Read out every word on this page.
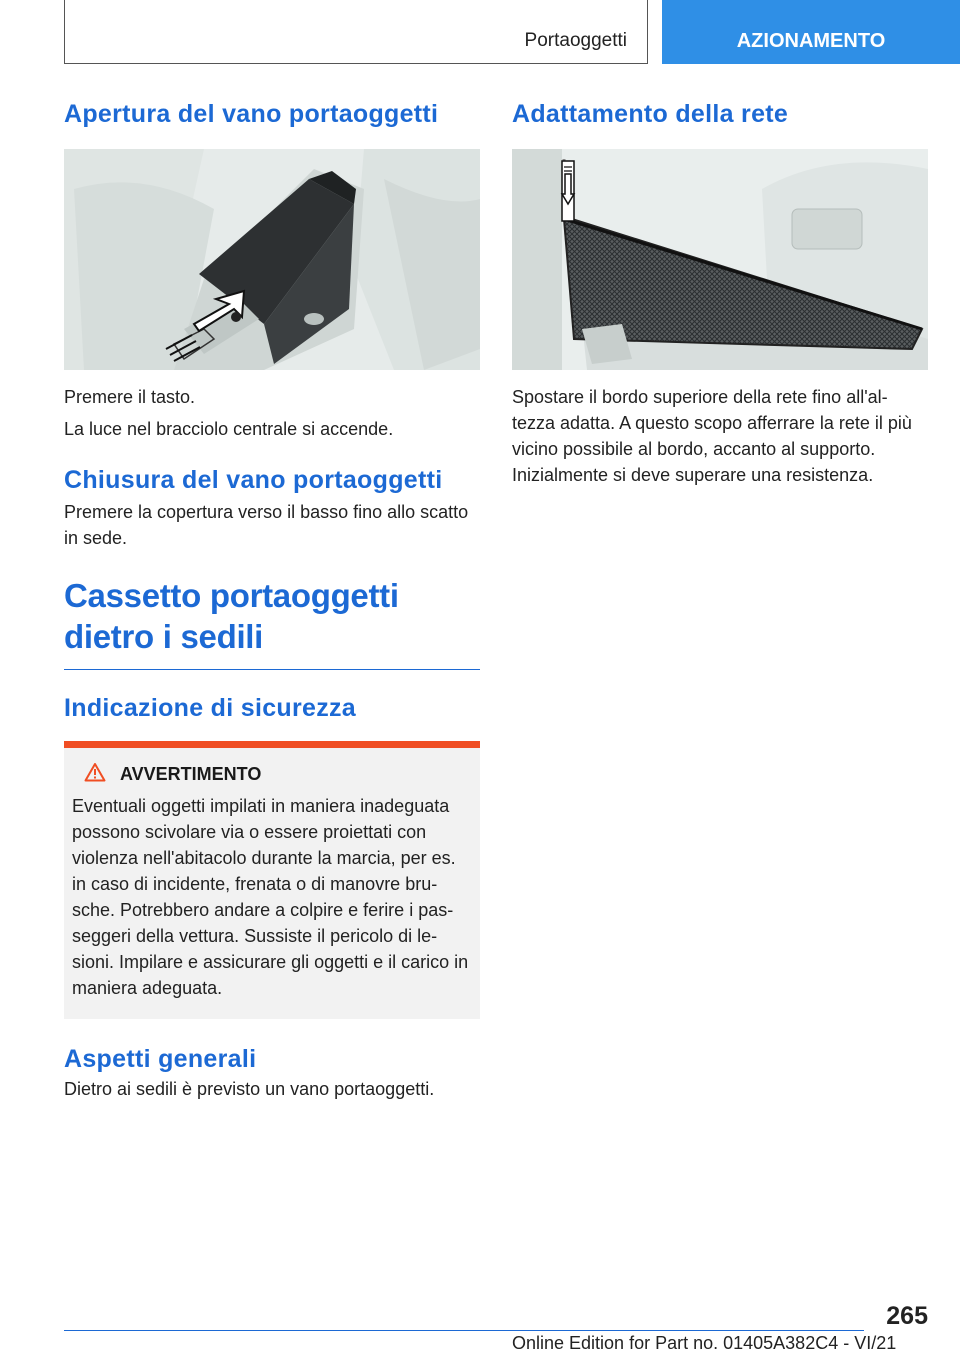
Portaoggetti	AZIONAMENTO
Apertura del vano portaoggetti

Premere il tasto.

La luce nel bracciolo centrale si accende.

Chiusura del vano portaoggetti

Premere la copertura verso il basso fino allo scatto in sede.

Cassetto portaoggetti dietro i sedili
Indicazione di sicurezza
AVVERTIMENTO

Eventuali oggetti impilati in maniera inadeguata possono scivolare via o essere proiettati con violenza nell'abitacolo durante la marcia, per es. in caso di incidente, frenata o di manovre bru-sche. Potrebbero andare a colpire e ferire i pas-seggeri della vettura. Sussiste il pericolo di le-sioni. Impilare e assicurare gli oggetti e il carico in maniera adeguata.

Aspetti generali

Dietro ai sedili è previsto un vano portaoggetti.

Adattamento della rete

Spostare il bordo superiore della rete fino all'al-tezza adatta. A questo scopo afferrare la rete il più vicino possibile al bordo, accanto al supporto. Inizialmente si deve superare una resistenza.

265
Online Edition for Part no. 01405A382C4 - VI/21
